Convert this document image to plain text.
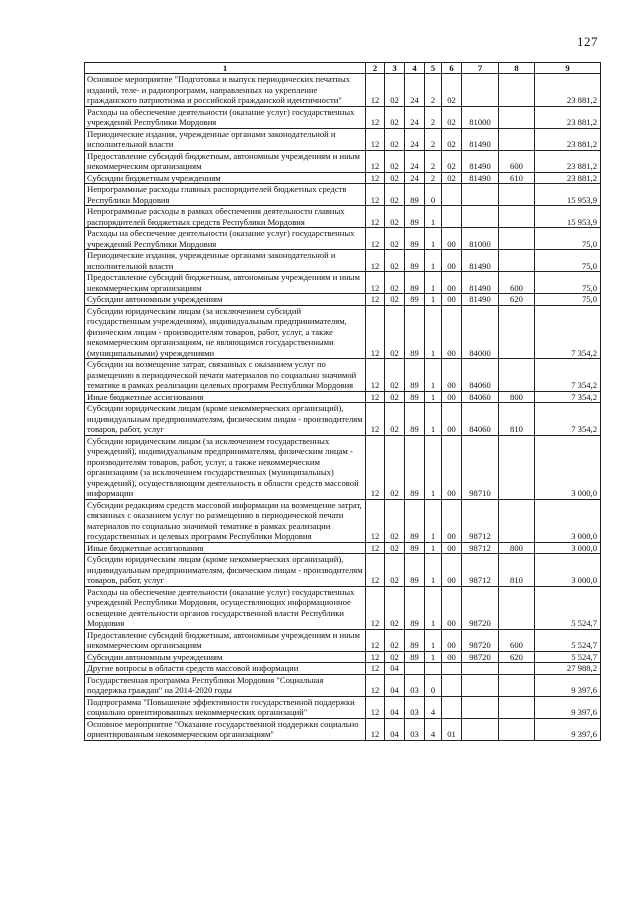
127
1	2	3	4	5	6	7	8	9
Основное мероприятие "Подготовка и выпуск периодических печатных изданий, теле- и радиопрограмм, направленных на укрепление гражданского патриотизма и российской гражданской идентичности"	12	02	24	2	02			23 881,2
Расходы на обеспечение деятельности (оказание услуг) государственных учреждений Республики Мордовия	12	02	24	2	02	81000		23 881,2
Периодические издания, учрежденные органами законодательной и исполнительной власти	12	02	24	2	02	81490		23 881,2
Предоставление субсидий бюджетным, автономным учреждениям и иным некоммерческим организациям	12	02	24	2	02	81490	600	23 881,2
Субсидии бюджетным учреждениям	12	02	24	2	02	81490	610	23 881,2
Непрограммные расходы главных распорядителей бюджетных средств Республики Мордовия	12	02	89	0				15 953,9
Непрограммные расходы в рамках обеспечения деятельности главных распорядителей бюджетных средств Республики Мордовия	12	02	89	1				15 953,9
Расходы на обеспечение деятельности (оказание услуг) государственных учреждений Республики Мордовия	12	02	89	1	00	81000		75,0
Периодические издания, учрежденные органами законодательной и исполнительной власти	12	02	89	1	00	81490		75,0
Предоставление субсидий бюджетным, автономным учреждениям и иным некоммерческим организациям	12	02	89	1	00	81490	600	75,0
Субсидии автономным учреждениям	12	02	89	1	00	81490	620	75,0
Субсидии юридическим лицам (за исключением субсидий государственным учреждениям), индивидуальным предпринимателям, физическим лицам - производителям товаров, работ, услуг, а также некоммерческим организациям, не являющимся государственными (муниципальными) учреждениями	12	02	89	1	00	84000		7 354,2
Субсидии на возмещение затрат, связанных с оказанием услуг по размещению в периодической печати материалов по социально значимой тематике в рамках реализации целевых программ Республики Мордовия	12	02	89	1	00	84060		7 354,2
Иные бюджетные ассигнования	12	02	89	1	00	84060	800	7 354,2
Субсидии юридическим лицам (кроме некоммерческих организаций), индивидуальным предпринимателям, физическим лицам - производителям товаров, работ, услуг	12	02	89	1	00	84060	810	7 354,2
Субсидии юридическим лицам (за исключением государственных учреждений), индивидуальным предпринимателям, физическим лицам - производителям товаров, работ, услуг, а также некоммерческим организациям (за исключением государственных (муниципальных) учреждений), осуществляющим деятельность в области средств массовой информации	12	02	89	1	00	98710		3 000,0
Субсидии редакциям средств массовой информации на возмещение затрат, связанных с оказанием услуг по размещению в периодической печати материалов по социально значимой тематике в рамках реализации государственных и целевых программ Республики Мордовия	12	02	89	1	00	98712		3 000,0
Иные бюджетные ассигнования	12	02	89	1	00	98712	800	3 000,0
Субсидии юридическим лицам (кроме некоммерческих организаций), индивидуальным предпринимателям, физическим лицам - производителям товаров, работ, услуг	12	02	89	1	00	98712	810	3 000,0
Расходы на обеспечение деятельности (оказание услуг) государственных учреждений Республики Мордовия, осуществляющих информационное освещение деятельности органов государственной власти Республики Мордовия	12	02	89	1	00	98720		5 524,7
Предоставление субсидий бюджетным, автономным учреждениям и иным некоммерческим организациям	12	02	89	1	00	98720	600	5 524,7
Субсидии автономным учреждениям	12	02	89	1	00	98720	620	5 524,7
Другие вопросы в области средств массовой информации	12	04						27 988,2
Государственная программа Республики Мордовия "Социальная поддержка граждан" на 2014-2020 годы	12	04	03	0				9 397,6
Подпрограмма "Повышение эффективности государственной поддержки социально ориентированных некоммерческих организаций"	12	04	03	4				9 397,6
Основное мероприятие "Оказание государственной поддержки социально ориентированным некоммерческим организациям"	12	04	03	4	01			9 397,6
